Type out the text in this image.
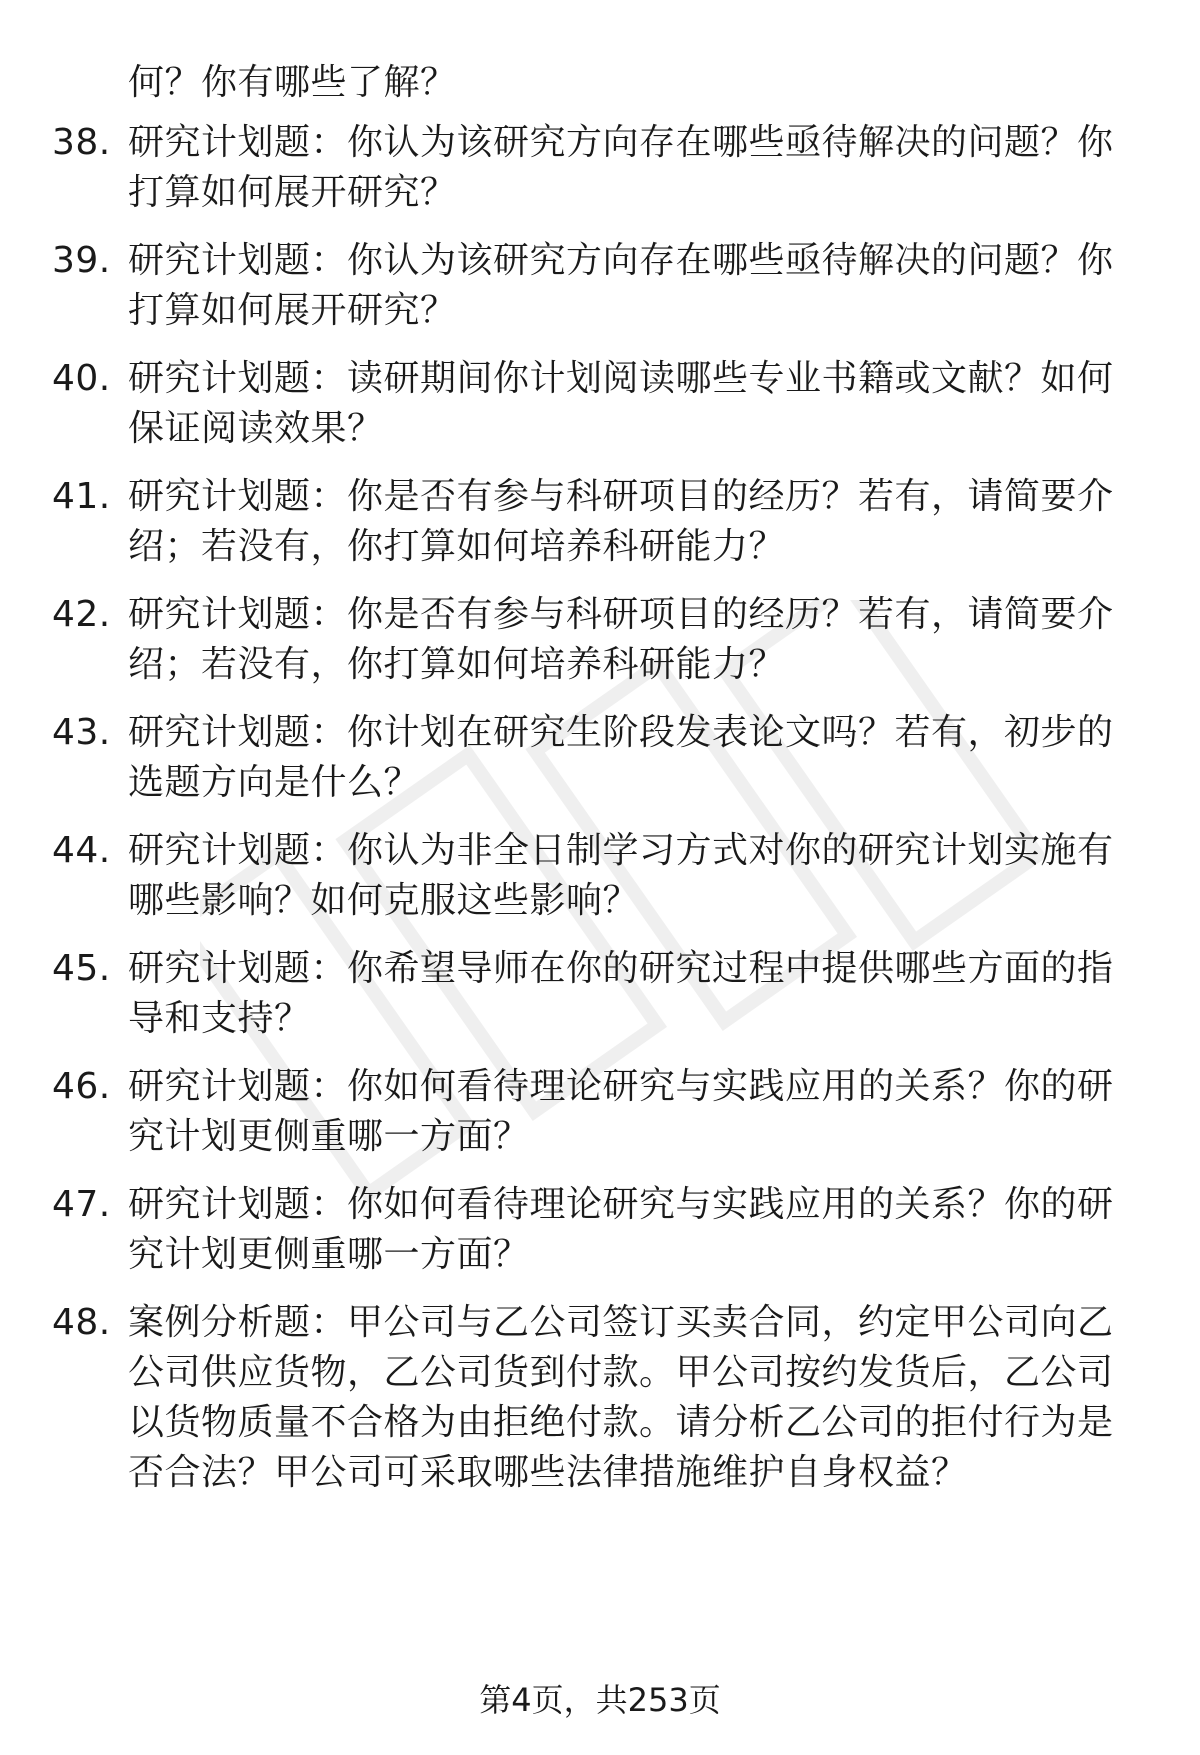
何？你有哪些了解？
38. 研究计划题：你认为该研究方向存在哪些亟待解决的问题？你打算如何展开研究？
39. 研究计划题：你认为该研究方向存在哪些亟待解决的问题？你打算如何展开研究？
40. 研究计划题：读研期间你计划阅读哪些专业书籍或文献？如何保证阅读效果？
41. 研究计划题：你是否有参与科研项目的经历？若有，请简要介绍；若没有，你打算如何培养科研能力？
42. 研究计划题：你是否有参与科研项目的经历？若有，请简要介绍；若没有，你打算如何培养科研能力？
43. 研究计划题：你计划在研究生阶段发表论文吗？若有，初步的选题方向是什么？
44. 研究计划题：你认为非全日制学习方式对你的研究计划实施有哪些影响？如何克服这些影响？
45. 研究计划题：你希望导师在你的研究过程中提供哪些方面的指导和支持？
46. 研究计划题：你如何看待理论研究与实践应用的关系？你的研究计划更侧重哪一方面？
47. 研究计划题：你如何看待理论研究与实践应用的关系？你的研究计划更侧重哪一方面？
48. 案例分析题：甲公司与乙公司签订买卖合同，约定甲公司向乙公司供应货物，乙公司货到付款。甲公司按约发货后，乙公司以货物质量不合格为由拒绝付款。请分析乙公司的拒付行为是否合法？甲公司可采取哪些法律措施维护自身权益？
第4页，共253页
